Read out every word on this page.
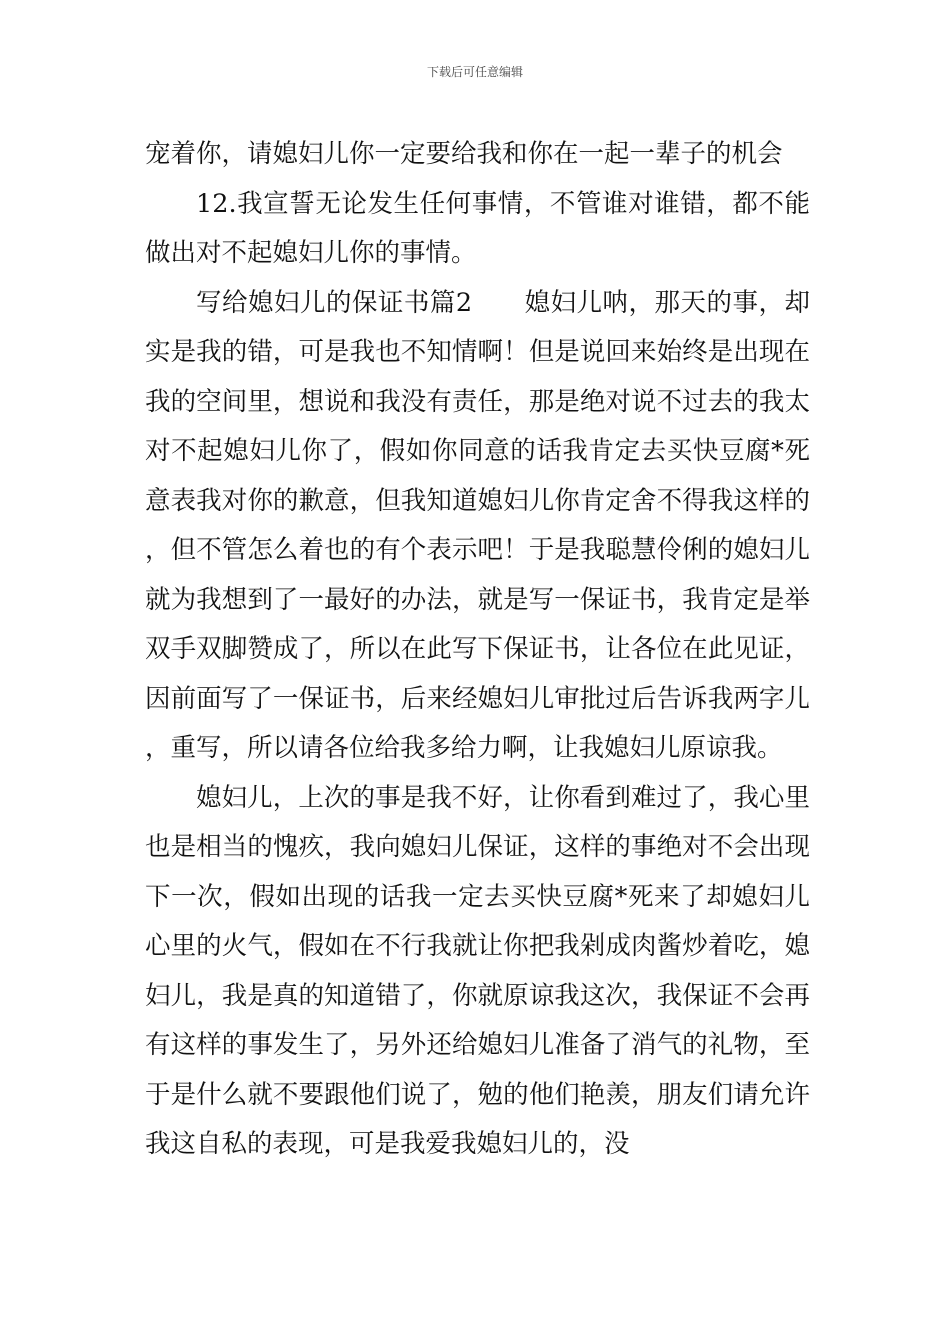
下载后可任意编辑

宠着你，请媳妇儿你一定要给我和你在一起一辈子的机会

12.我宣誓无论发生任何事情，不管谁对谁错，都不能做出对不起媳妇儿你的事情。

写给媳妇儿的保证书篇2 媳妇儿呐，那天的事，却实是我的错，可是我也不知情啊！但是说回来始终是出现在我的空间里，想说和我没有责任，那是绝对说不过去的我太对不起媳妇儿你了，假如你同意的话我肯定去买快豆腐*死意表我对你的歉意，但我知道媳妇儿你肯定舍不得我这样的，但不管怎么着也的有个表示吧！于是我聪慧伶俐的媳妇儿就为我想到了一最好的办法，就是写一保证书，我肯定是举双手双脚赞成了，所以在此写下保证书，让各位在此见证，因前面写了一保证书，后来经媳妇儿审批过后告诉我两字儿，重写，所以请各位给我多给力啊，让我媳妇儿原谅我。

媳妇儿，上次的事是我不好，让你看到难过了，我心里也是相当的愧疚，我向媳妇儿保证，这样的事绝对不会出现下一次，假如出现的话我一定去买快豆腐*死来了却媳妇儿心里的火气，假如在不行我就让你把我剁成肉酱炒着吃，媳妇儿，我是真的知道错了，你就原谅我这次，我保证不会再有这样的事发生了，另外还给媳妇儿准备了消气的礼物，至于是什么就不要跟他们说了，勉的他们艳羡，朋友们请允许我这自私的表现，可是我爱我媳妇儿的，没
